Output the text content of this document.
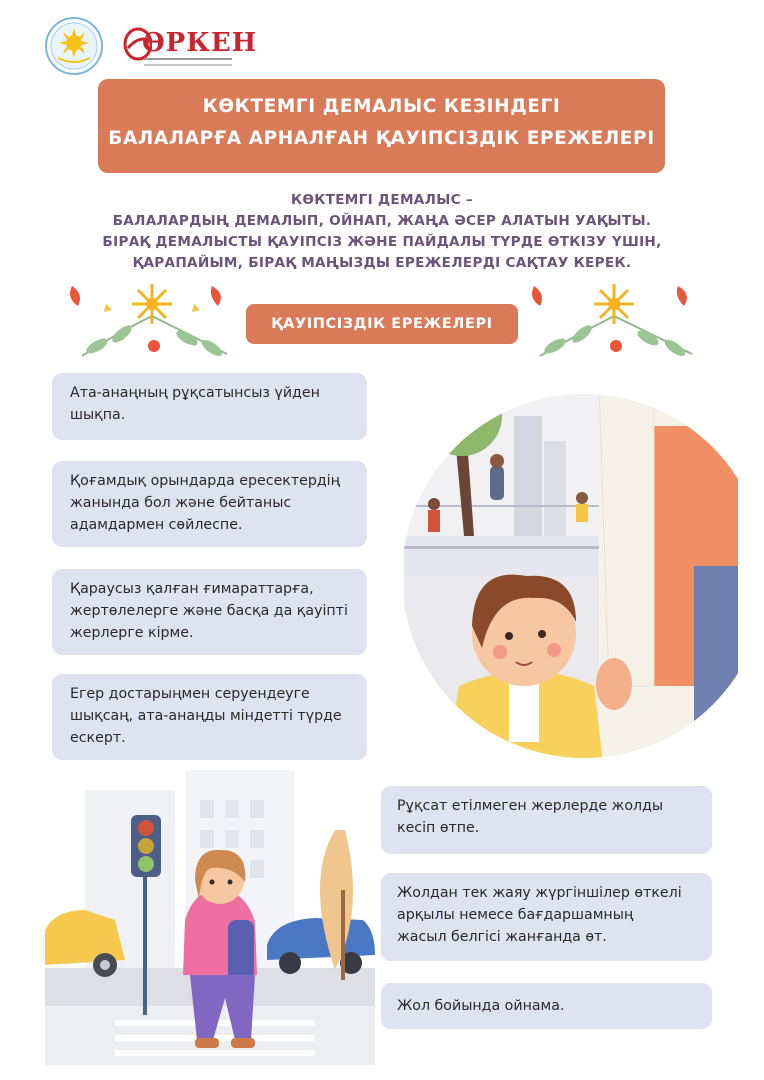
ӘРКЕН
КӨКТЕМГІ ДЕМАЛЫС КЕЗІНДЕГІ
БАЛАЛАРҒА АРНАЛҒАН ҚАУІПСІЗДІК ЕРЕЖЕЛЕРІ
КӨКТЕМГІ ДЕМАЛЫС –
БАЛАЛАРДЫҢ ДЕМАЛЫП, ОЙНАП, ЖАҢА ӘСЕР АЛАТЫН УАҚЫТЫ.
БІРАҚ ДЕМАЛЫСТЫ ҚАУІПСІЗ ЖӘНЕ ПАЙДАЛЫ ТҮРДЕ ӨТКІЗУ ҮШІН,
ҚАРАПАЙЫМ, БІРАҚ МАҢЫЗДЫ ЕРЕЖЕЛЕРДІ САҚТАУ КЕРЕК.
ҚАУІПСІЗДІК ЕРЕЖЕЛЕРІ
Ата-анаңның рұқсатынсыз үйден
шықпа.
Қоғамдық орындарда ересектердің
жанында бол және бейтаныс
адамдармен сөйлеспе.
Қараусыз қалған ғимараттарға,
жертөлелерге және басқа да қауіпті
жерлерге кірме.
Егер достарыңмен серуендеуге
шықсаң, ата-анаңды міндетті түрде
ескерт.
Рұқсат етілмеген жерлерде жолды
кесіп өтпе.
Жолдан тек жаяу жүргіншілер өткелі
арқылы немесе бағдаршамның
жасыл белгісі жанғанда өт.
Жол бойында ойнама.
